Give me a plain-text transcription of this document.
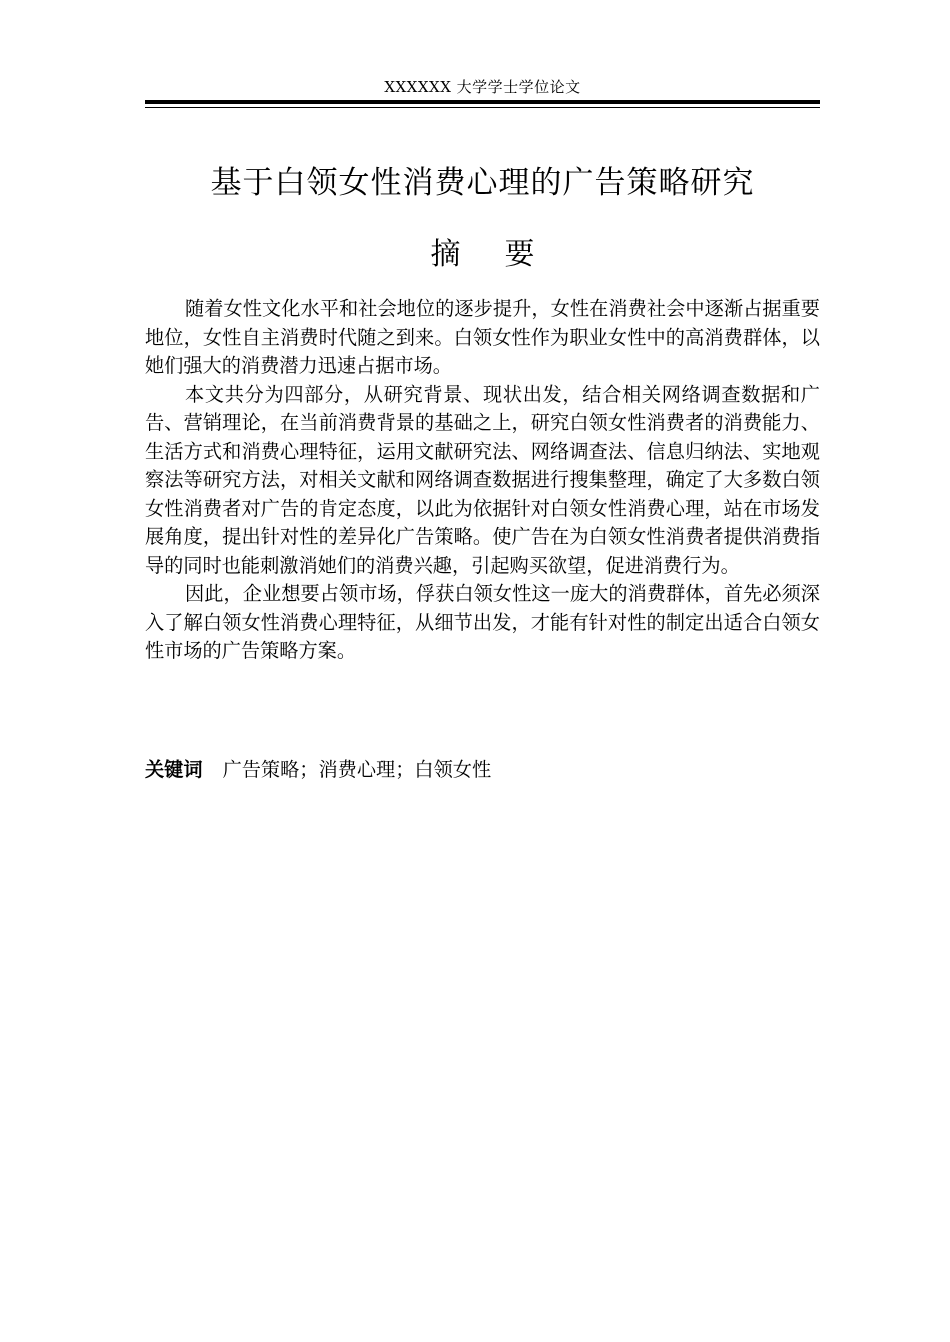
XXXXXX 大学学士学位论文
基于白领女性消费心理的广告策略研究
摘要

随着女性文化水平和社会地位的逐步提升，女性在消费社会中逐渐占据重要地位，女性自主消费时代随之到来。白领女性作为职业女性中的高消费群体，以她们强大的消费潜力迅速占据市场。

本文共分为四部分，从研究背景、现状出发，结合相关网络调查数据和广告、营销理论，在当前消费背景的基础之上，研究白领女性消费者的消费能力、生活方式和消费心理特征，运用文献研究法、网络调查法、信息归纳法、实地观察法等研究方法，对相关文献和网络调查数据进行搜集整理，确定了大多数白领女性消费者对广告的肯定态度，以此为依据针对白领女性消费心理，站在市场发展角度，提出针对性的差异化广告策略。使广告在为白领女性消费者提供消费指导的同时也能刺激消她们的消费兴趣，引起购买欲望，促进消费行为。

因此，企业想要占领市场，俘获白领女性这一庞大的消费群体，首先必须深入了解白领女性消费心理特征，从细节出发，才能有针对性的制定出适合白领女性市场的广告策略方案。

关键词 广告策略；消费心理；白领女性
